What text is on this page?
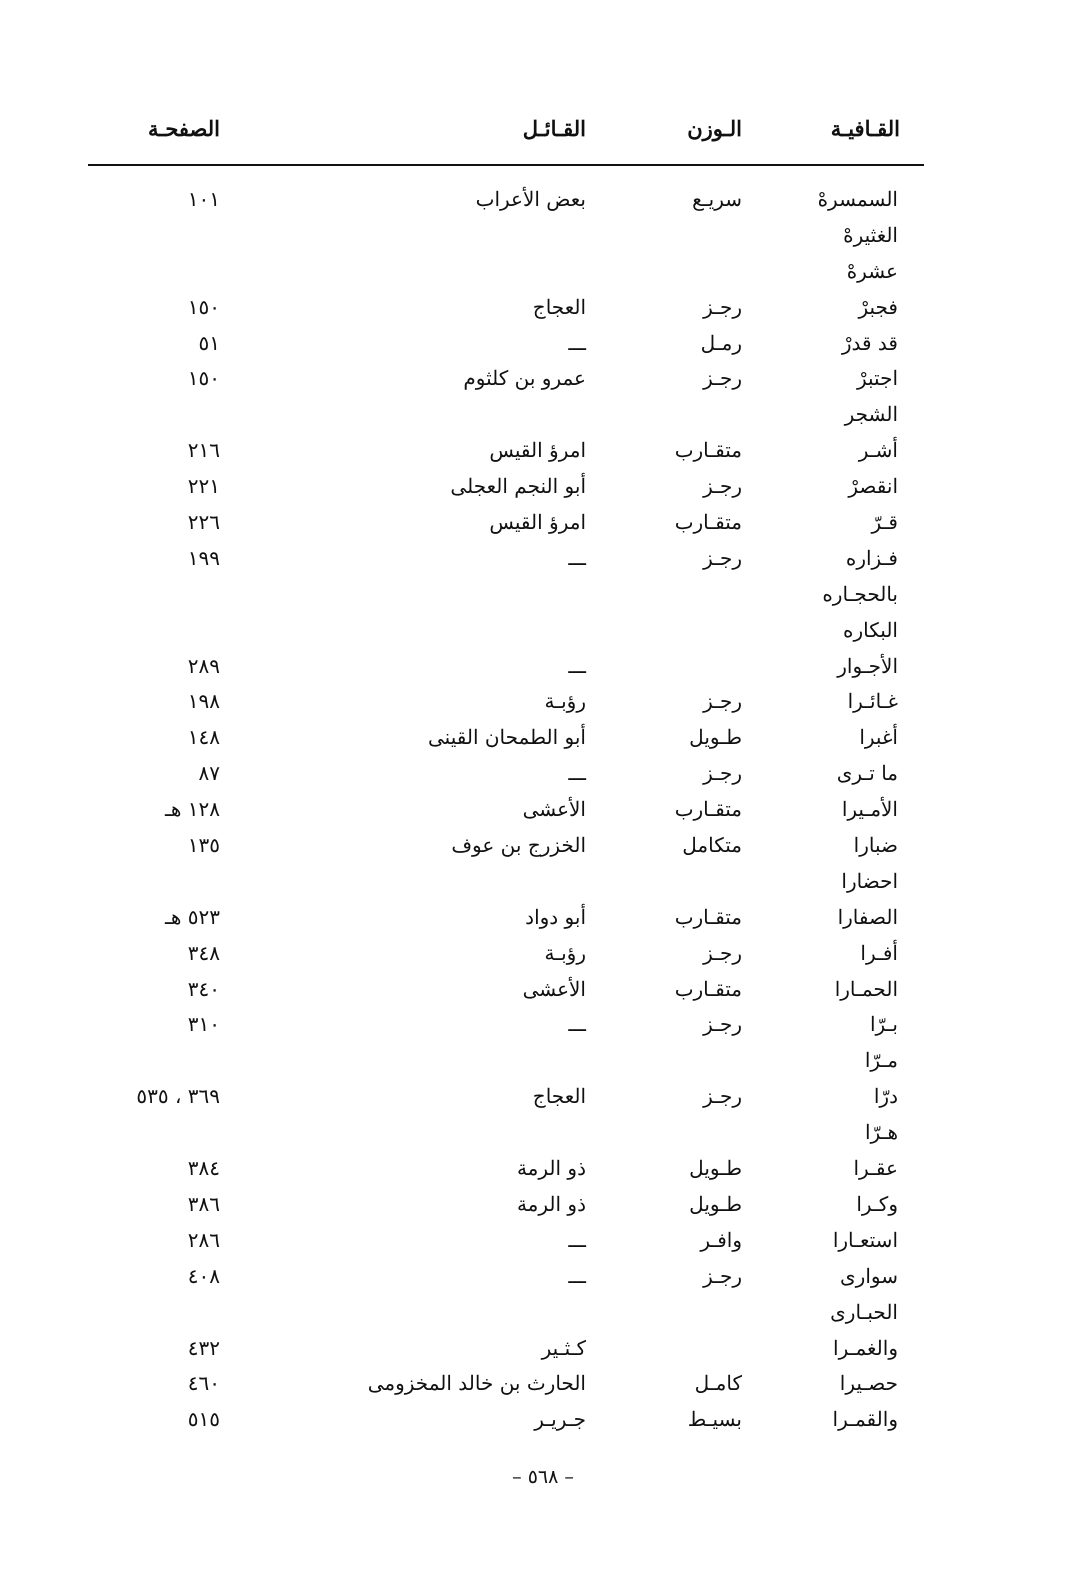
القـافيـة
الـوزن
القـائـل
الصفحـة
السمسرهْ
سريـع
بعض الأعراب
١٠١
الغثيرهْ
عشرهْ
فجبرْ
رجـز
العجاج
١٥٠
قد قدرْ
رمـل
ـــ
٥١
اجتبرْ
رجـز
عمرو بن كلثوم
١٥٠
الشجر
أشـر
متقـارب
امرؤ القيس
٢١٦
انقصرْ
رجـز
أبو النجم العجلى
٢٢١
قـرّ
متقـارب
امرؤ القيس
٢٢٦
فـزاره
رجـز
ـــ
١٩٩
بالحجـاره
البكاره
الأجـوار
ـــ
٢٨٩
غـائـرا
رجـز
رؤبـة
١٩٨
أغبرا
طـويل
أبو الطمحان القينى
١٤٨
ما تـرى
رجـز
ـــ
٨٧
الأمـيرا
متقـارب
الأعشى
١٢٨ هـ
ضبارا
متكامل
الخزرج بن عوف
١٣٥
احضارا
الصفارا
متقـارب
أبو دواد
٥٢٣ هـ
أفـرا
رجـز
رؤبـة
٣٤٨
الحمـارا
متقـارب
الأعشى
٣٤٠
بـرّا
رجـز
ـــ
٣١٠
مـرّا
درّا
رجـز
العجاج
٣٦٩ ، ٥٣٥
هـرّا
عقـرا
طـويل
ذو الرمة
٣٨٤
وكـرا
طـويل
ذو الرمة
٣٨٦
استعـارا
وافـر
ـــ
٢٨٦
سوارى
رجـز
ـــ
٤٠٨
الحبـارى
والغمـرا
كـثـير
٤٣٢
حصـيرا
كامـل
الحارث بن خالد المخزومى
٤٦٠
والقمـرا
بسيـط
جـريـر
٥١٥
– ٥٦٨ –
